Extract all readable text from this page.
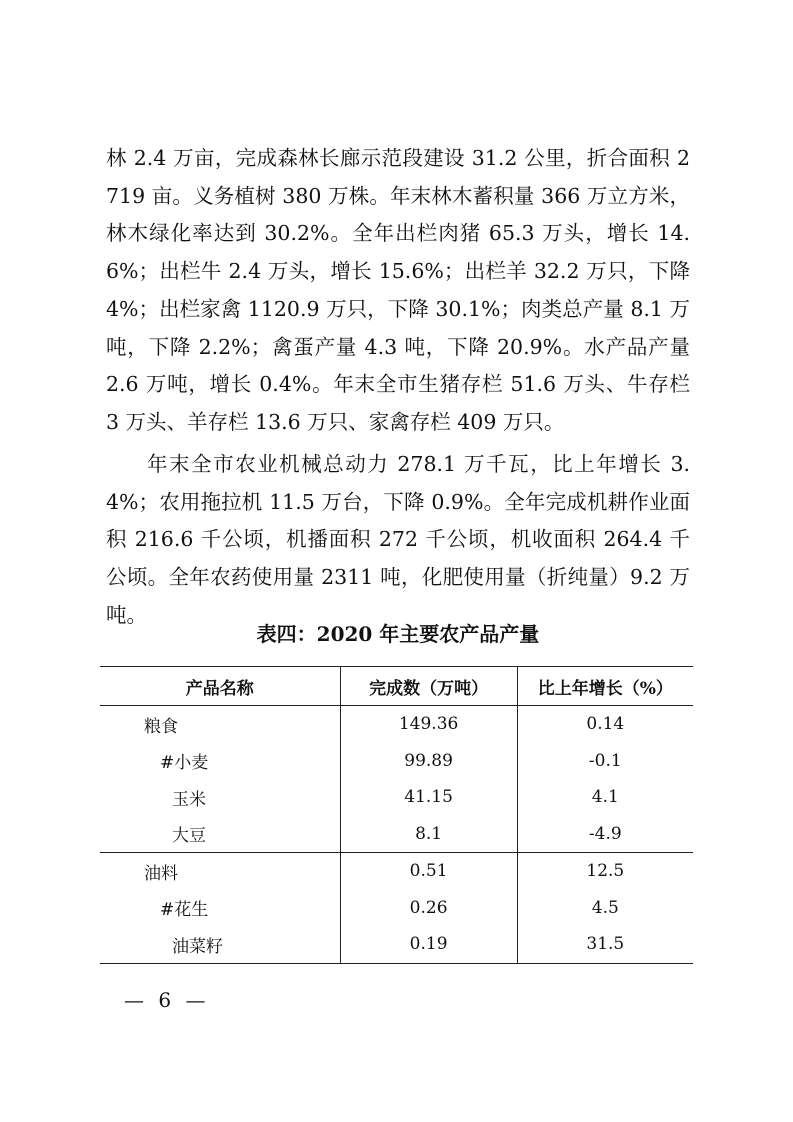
林 2.4 万亩，完成森林长廊示范段建设 31.2 公里，折合面积 2719 亩。义务植树 380 万株。年末林木蓄积量 366 万立方米，林木绿化率达到 30.2%。全年出栏肉猪 65.3 万头，增长 14.6%；出栏牛 2.4 万头，增长 15.6%；出栏羊 32.2 万只，下降 4%；出栏家禽 1120.9 万只，下降 30.1%；肉类总产量 8.1 万吨，下降 2.2%；禽蛋产量 4.3 吨，下降 20.9%。水产品产量 2.6 万吨，增长 0.4%。年末全市生猪存栏 51.6 万头、牛存栏 3 万头、羊存栏 13.6 万只、家禽存栏 409 万只。

年末全市农业机械总动力 278.1 万千瓦，比上年增长 3.4%；农用拖拉机 11.5 万台，下降 0.9%。全年完成机耕作业面积 216.6 千公顷，机播面积 272 千公顷，机收面积 264.4 千公顷。全年农药使用量 2311 吨，化肥使用量（折纯量）9.2 万吨。

表四：2020 年主要农产品产量

产品名称	完成数（万吨）	比上年增长（%）
粮食	149.36	0.14
#小麦	99.89	-0.1
玉米	41.15	4.1
大豆	8.1	-4.9
油料	0.51	12.5
#花生	0.26	4.5
油菜籽	0.19	31.5

— 6 —
